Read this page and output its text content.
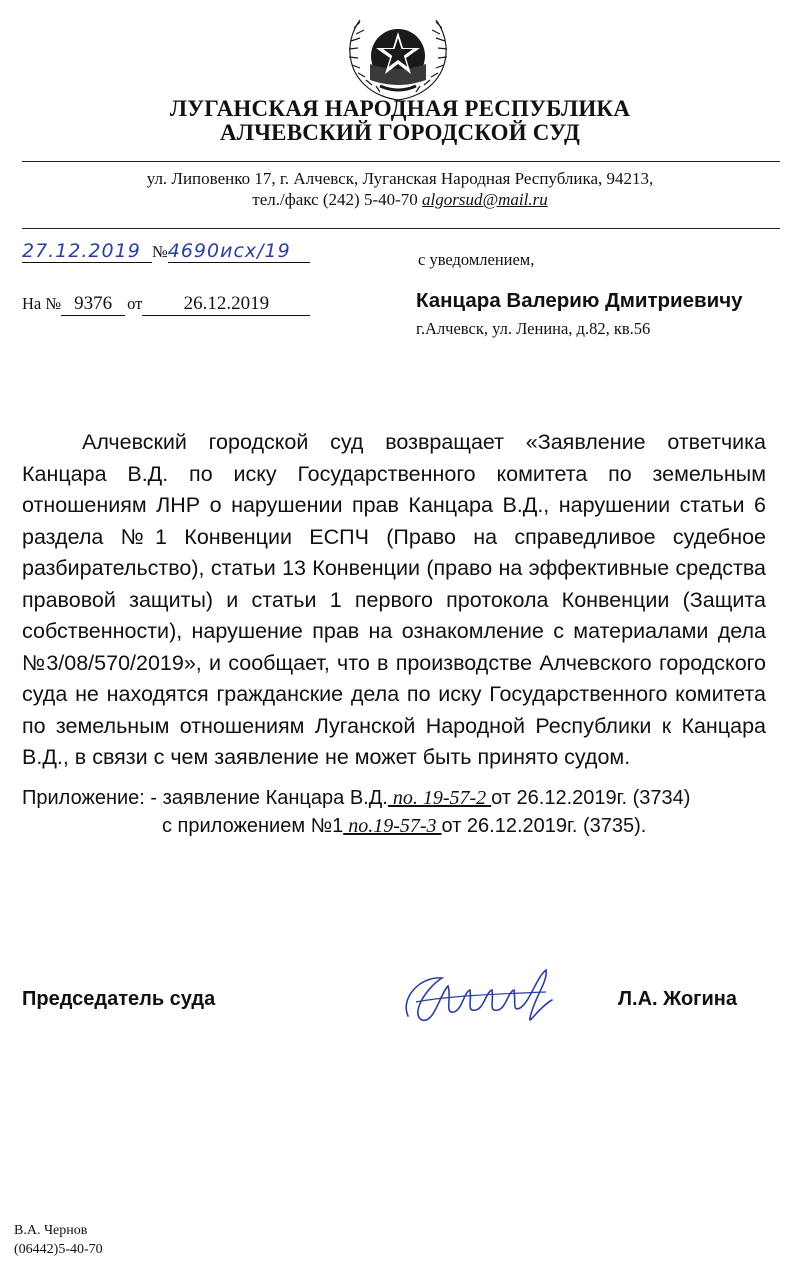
ЛУГАНСКАЯ НАРОДНАЯ РЕСПУБЛИКА
АЛЧЕВСКИЙ ГОРОДСКОЙ СУД
ул. Липовенко 17, г. Алчевск, Луганская Народная Республика, 94213,
тел./факс (242) 5-40-70 algorsud@mail.ru
27.12.2019 №4690исх/19	с уведомлением,
На № 9376 от 26.12.2019	Канцара Валерию Дмитриевичу
г.Алчевск, ул. Ленина, д.82, кв.56

Алчевский городской суд возвращает «Заявление ответчика Канцара В.Д. по иску Государственного комитета по земельным отношениям ЛНР о нарушении прав Канцара В.Д., нарушении статьи 6 раздела №1 Конвенции ЕСПЧ (Право на справедливое судебное разбирательство), статьи 13 Конвенции (право на эффективные средства правовой защиты) и статьи 1 первого протокола Конвенции (Защита собственности), нарушение прав на ознакомление с материалами дела №3/08/570/2019», и сообщает, что в производстве Алчевского городского суда не находятся гражданские дела по иску Государственного комитета по земельным отношениям Луганской Народной Республики к Канцара В.Д., в связи с чем заявление не может быть принято судом.

Приложение: - заявление Канцара В.Д. по. 19-57-2 от 26.12.2019г. (3734)
с приложением №1 по.19-57-3 от 26.12.2019г. (3735).
Председатель суда	Л.А. Жогина
В.А. Чернов
(06442)5-40-70
